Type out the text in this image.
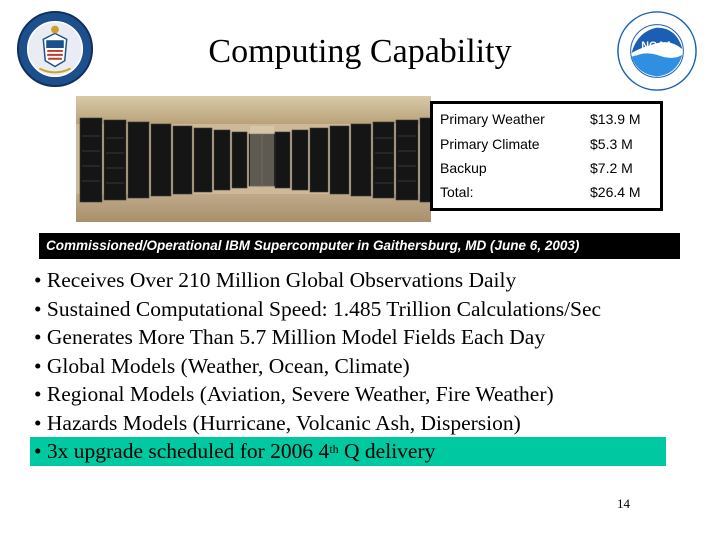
NOAA
Computing Capability
Primary Weather	$13.9 M
Primary Climate	$5.3 M
Backup	$7.2 M
Total:	$26.4 M
Commissioned/Operational IBM Supercomputer in Gaithersburg, MD (June 6, 2003)
• Receives Over 210 Million Global Observations Daily
• Sustained Computational Speed: 1.485 Trillion Calculations/Sec
• Generates More Than 5.7 Million Model Fields Each Day
• Global Models (Weather, Ocean, Climate)
• Regional Models (Aviation, Severe Weather, Fire Weather)
• Hazards Models (Hurricane, Volcanic Ash, Dispersion)
• 3x upgrade scheduled for 2006 4th Q delivery
14
